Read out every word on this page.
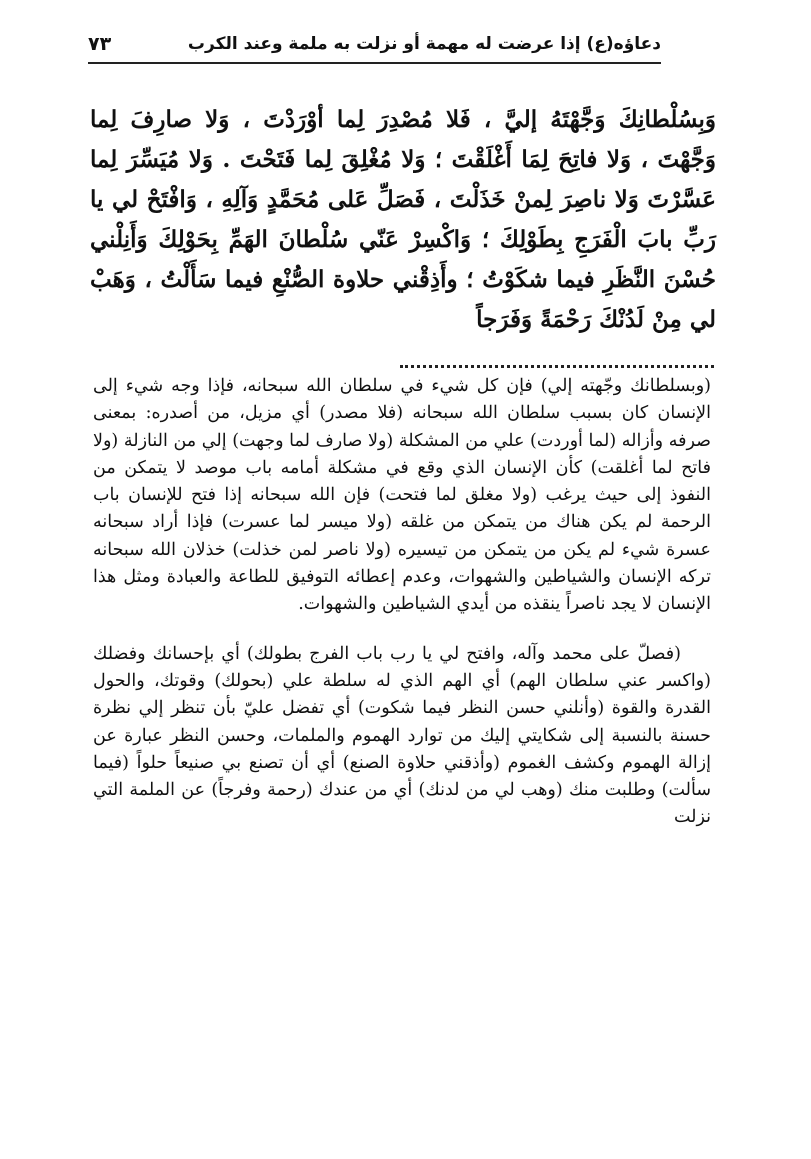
دعاؤه(ع) إذا عرضت له مهمة أو نزلت به ملمة وعند الكرب
٧٣
وَبِسُلْطانِكَ وَجَّهْتَهُ إليَّ ، فَلا مُصْدِرَ لِما أوْرَدْتَ ، وَلا صارِفَ لِما وَجَّهْتَ ، وَلا فاتِحَ لِمَا أَغْلَقْتَ ؛ وَلا مُغْلِقَ لِما فَتَحْتَ . وَلا مُيَسِّرَ لِما عَسَّرْتَ وَلا ناصِرَ لِمنْ خَذَلْتَ ، فَصَلِّ عَلى مُحَمَّدٍ وَآلِهِ ، وَافْتَحْ لي يا رَبِّ بابَ الْفَرَجِ بِطَوْلِكَ ؛ وَاكْسِرْ عَنّي سُلْطانَ الهَمِّ بِحَوْلِكَ وَأَنِلْني حُسْنَ النَّظَرِ فيما شكَوْتُ ؛ وأَذِقْني حلاوة الصُّنْعِ فيما سَأَلْتُ ، وَهَبْ لي مِنْ لَدُنْكَ رَحْمَةً وَفَرَجاً

(وبسلطانك وجّهته إلي) فإن كل شيء في سلطان الله سبحانه، فإذا وجه شيء إلى الإنسان كان بسبب سلطان الله سبحانه (فلا مصدر) أي مزيل، من أصدره: بمعنى صرفه وأزاله (لما أوردت) علي من المشكلة (ولا صارف لما وجهت) إلي من النازلة (ولا فاتح لما أغلقت) كأن الإنسان الذي وقع في مشكلة أمامه باب موصد لا يتمكن من النفوذ إلى حيث يرغب (ولا مغلق لما فتحت) فإن الله سبحانه إذا فتح للإنسان باب الرحمة لم يكن هناك من يتمكن من غلقه (ولا ميسر لما عسرت) فإذا أراد سبحانه عسرة شيء لم يكن من يتمكن من تيسيره (ولا ناصر لمن خذلت) خذلان الله سبحانه تركه الإنسان والشياطين والشهوات، وعدم إعطائه التوفيق للطاعة والعبادة ومثل هذا الإنسان لا يجد ناصراً ينقذه من أيدي الشياطين والشهوات.

(فصلّ على محمد وآله، وافتح لي يا رب باب الفرج بطولك) أي بإحسانك وفضلك (واكسر عني سلطان الهم) أي الهم الذي له سلطة علي (بحولك) وقوتك، والحول القدرة والقوة (وأنلني حسن النظر فيما شكوت) أي تفضل عليّ بأن تنظر إلي نظرة حسنة بالنسبة إلى شكايتي إليك من توارد الهموم والملمات، وحسن النظر عبارة عن إزالة الهموم وكشف الغموم (وأذقني حلاوة الصنع) أي أن تصنع بي صنيعاً حلواً (فيما سألت) وطلبت منك (وهب لي من لدنك) أي من عندك (رحمة وفرجاً) عن الملمة التي نزلت
